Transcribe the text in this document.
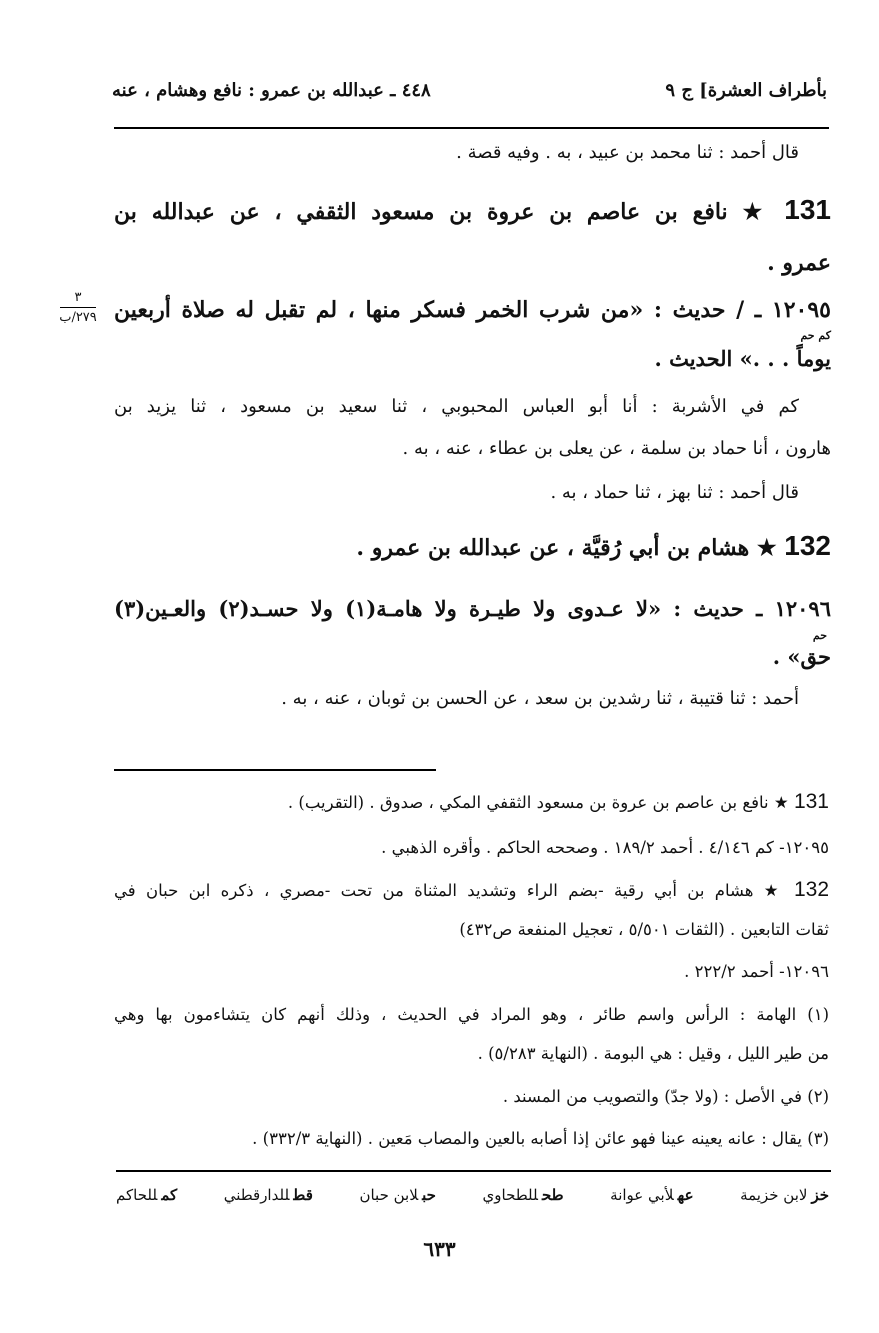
بأطراف العشرة] ج ٩
٤٤٨ ـ عبدالله بن عمرو : نافع وهشام ، عنه
قال أحمد : ثنا محمد بن عبيد ، به . وفيه قصة .
131 ★ نافع بن عاصم بن عروة بن مسعود الثقفي ، عن عبدالله بن
عمرو .
١٢٠٩٥ ـ / حديث : «من شرب الخمر فسكر منها ، لم تقبل له صلاة أربعين
كم حم
يوماً . . .» الحديث .
٣
٢٧٩/ب
كم في الأشربة : أنا أبو العباس المحبوبي ، ثنا سعيد بن مسعود ، ثنا يزيد بن
هارون ، أنا حماد بن سلمة ، عن يعلى بن عطاء ، عنه ، به .
قال أحمد : ثنا بهز ، ثنا حماد ، به .
132 ★ هشام بن أبي رُقيَّة ، عن عبدالله بن عمرو .
١٢٠٩٦ ـ حديث : «لا عـدوى ولا طيـرة ولا هامـة(١) ولا حسـد(٢) والعـين(٣)
حم
حق» .
أحمد : ثنا قتيبة ، ثنا رشدين بن سعد ، عن الحسن بن ثوبان ، عنه ، به .
131 ★ نافع بن عاصم بن عروة بن مسعود الثقفي المكي ، صدوق . (التقريب) .
١٢٠٩٥- كم ٤/١٤٦ . أحمد ١٨٩/٢ . وصححه الحاكم . وأقره الذهبي .
132 ★ هشام بن أبي رقية -بضم الراء وتشديد المثناة من تحت -مصري ، ذكره ابن حبان في
ثقات التابعين . (الثقات ٥/٥٠١ ، تعجيل المنفعة ص٤٣٢)
١٢٠٩٦- أحمد ٢٢٢/٢ .
(١) الهامة : الرأس واسم طائر ، وهو المراد في الحديث ، وذلك أنهم كان يتشاءمون بها وهي
من طير الليل ، وقيل : هي البومة . (النهاية ٥/٢٨٣) .
(٢) في الأصل : (ولا جدّ) والتصويب من المسند .
(٣) يقال : عانه يعينه عينا فهو عائن إذا أصابه بالعين والمصاب مَعين . (النهاية ٣٣٢/٣) .
خزلابن خزيمة
عهلأبي عوانة
طحللطحاوي
حبلابن حبان
قطللدارقطني
كمللحاكم
٦٣٣
